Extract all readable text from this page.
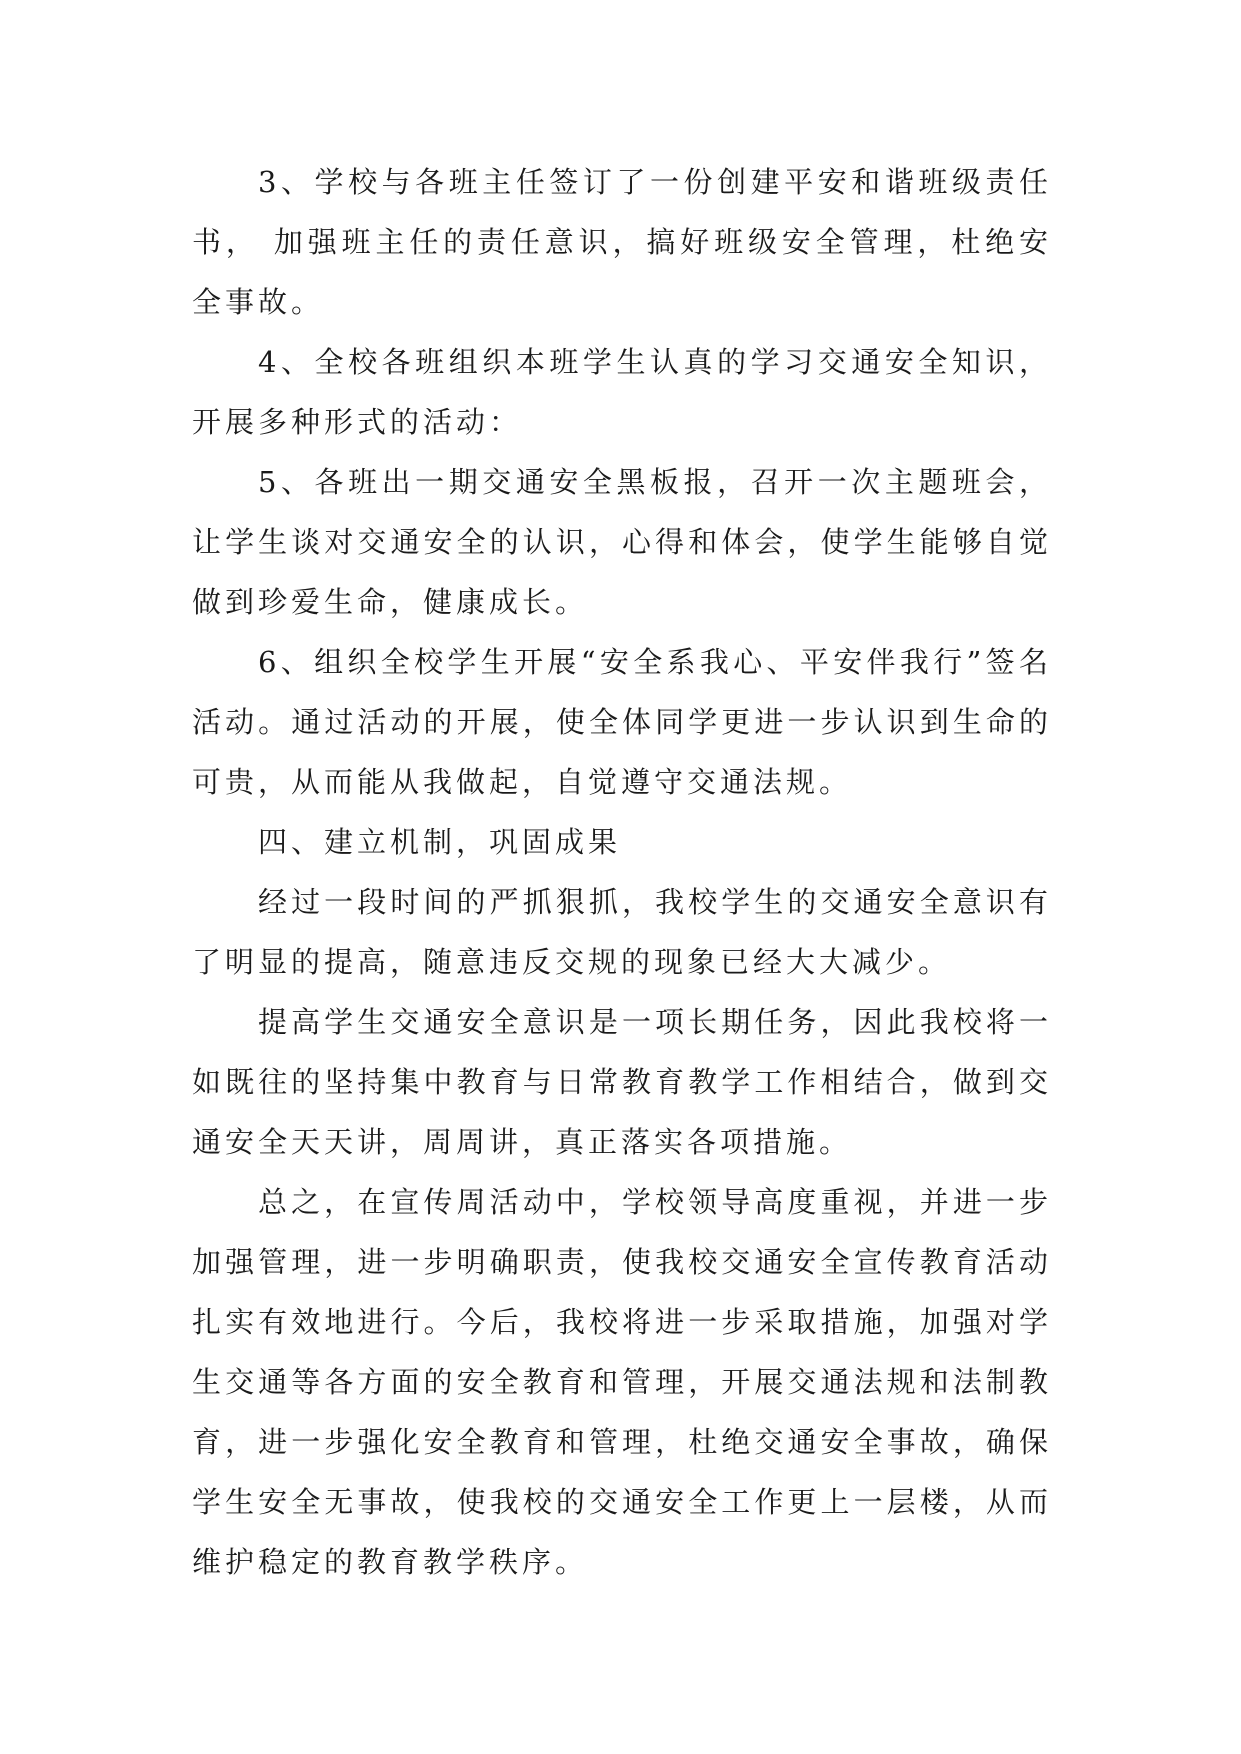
3、学校与各班主任签订了一份创建平安和谐班级责任书， 加强班主任的责任意识，搞好班级安全管理，杜绝安全事故。

4、全校各班组织本班学生认真的学习交通安全知识，开展多种形式的活动：

5、各班出一期交通安全黑板报，召开一次主题班会，让学生谈对交通安全的认识，心得和体会，使学生能够自觉做到珍爱生命，健康成长。

6、组织全校学生开展“安全系我心、平安伴我行”签名活动。通过活动的开展，使全体同学更进一步认识到生命的可贵，从而能从我做起，自觉遵守交通法规。

四、建立机制，巩固成果

经过一段时间的严抓狠抓，我校学生的交通安全意识有了明显的提高，随意违反交规的现象已经大大减少。

提高学生交通安全意识是一项长期任务，因此我校将一如既往的坚持集中教育与日常教育教学工作相结合，做到交通安全天天讲，周周讲，真正落实各项措施。

总之，在宣传周活动中，学校领导高度重视，并进一步加强管理，进一步明确职责，使我校交通安全宣传教育活动扎实有效地进行。今后，我校将进一步采取措施，加强对学生交通等各方面的安全教育和管理，开展交通法规和法制教育，进一步强化安全教育和管理，杜绝交通安全事故，确保学生安全无事故，使我校的交通安全工作更上一层楼，从而维护稳定的教育教学秩序。
